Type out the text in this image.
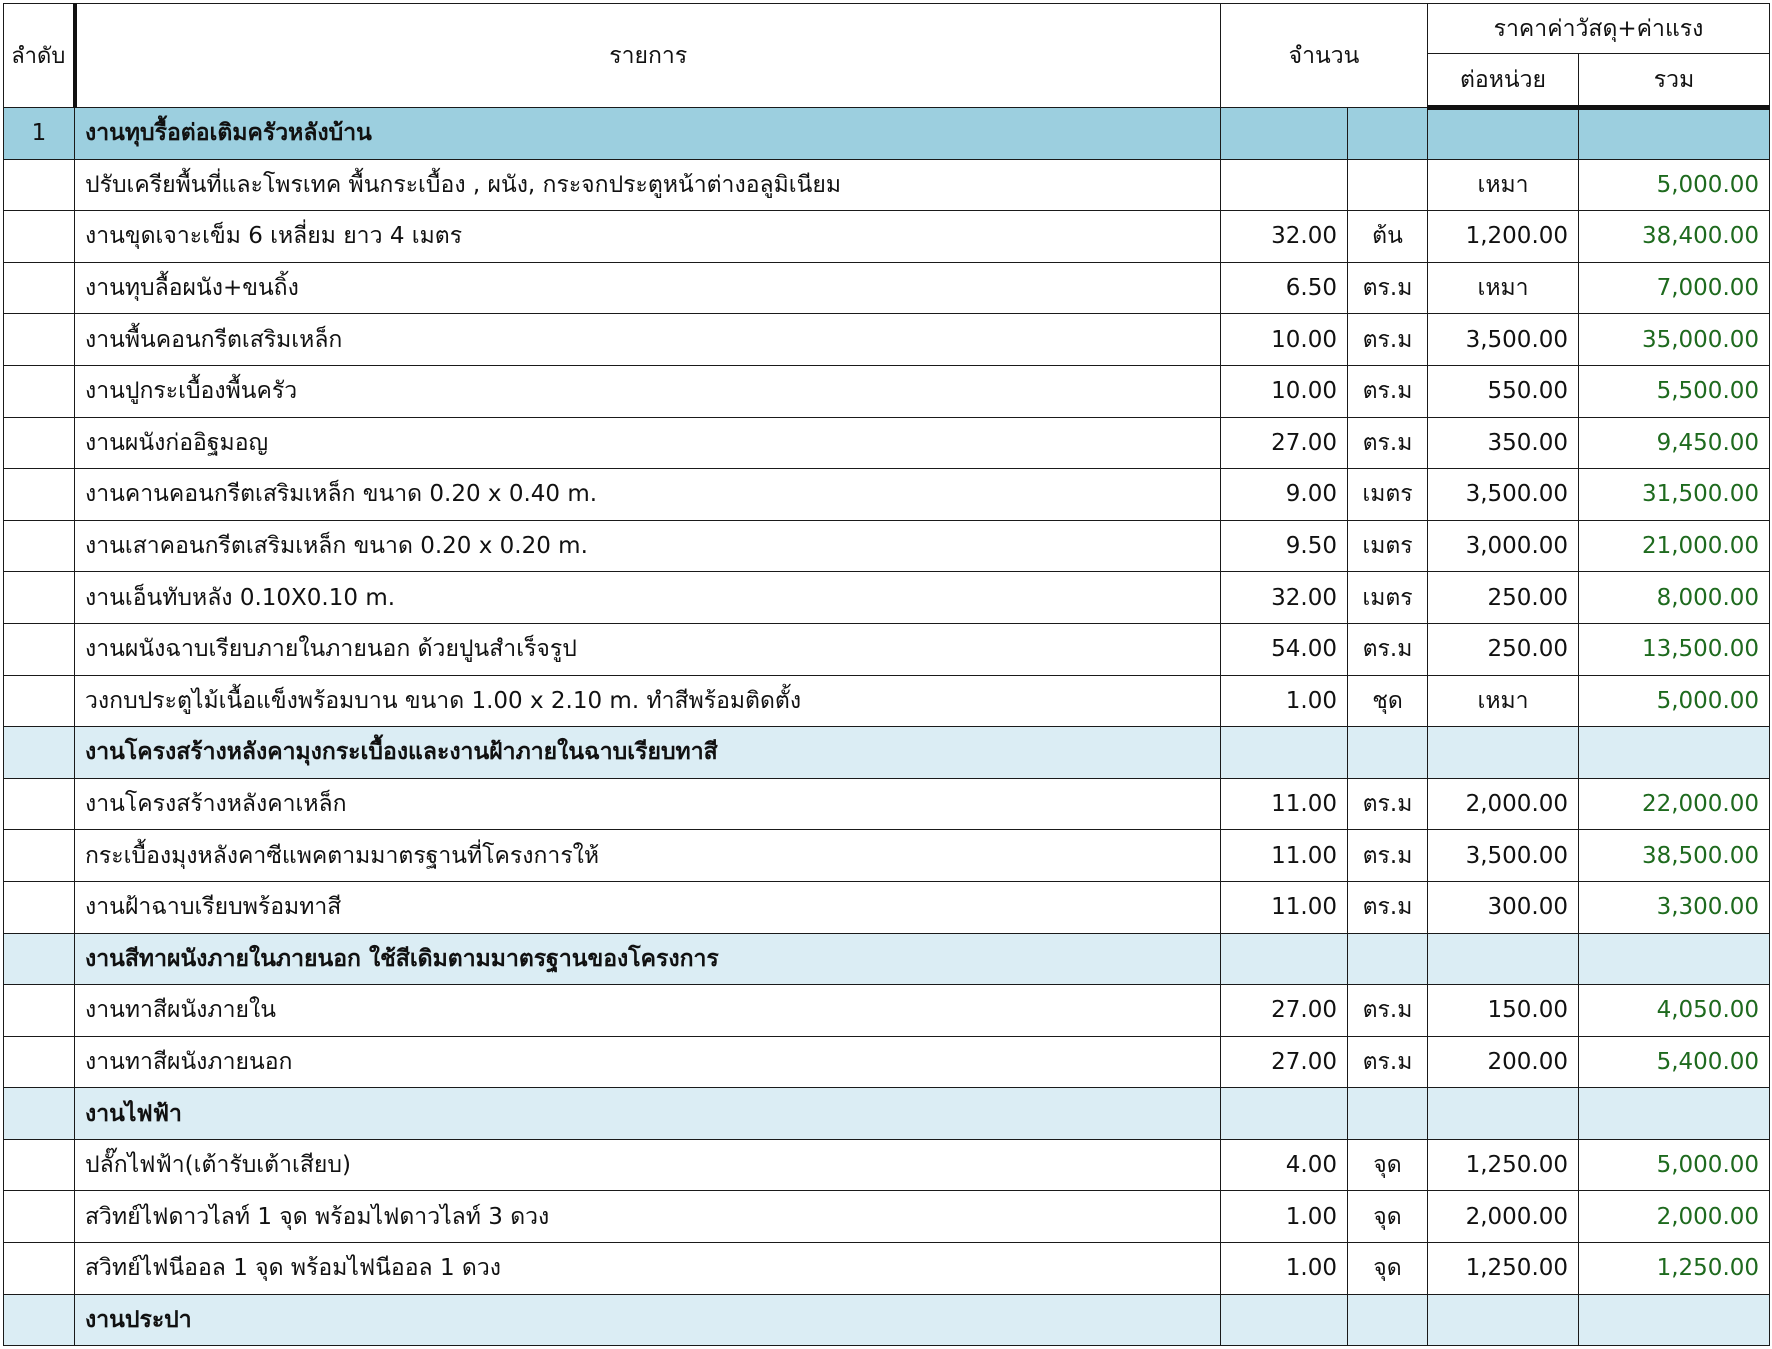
ลำดับ	รายการ	จำนวน		ราคาค่าวัสดุ+ค่าแรง	
				ต่อหน่วย	รวม
1	งานทุบรื้อต่อเติมครัวหลังบ้าน				
	ปรับเครียพื้นที่และโพรเทค พื้นกระเบื้อง , ผนัง, กระจกประตูหน้าต่างอลูมิเนียม			เหมา	5,000.00
	งานขุดเจาะเข็ม 6 เหลี่ยม ยาว 4 เมตร	32.00	ต้น	1,200.00	38,400.00
	งานทุบลื้อผนัง+ขนถิ้ง	6.50	ตร.ม	เหมา	7,000.00
	งานพื้นคอนกรีตเสริมเหล็ก	10.00	ตร.ม	3,500.00	35,000.00
	งานปูกระเบื้องพื้นครัว	10.00	ตร.ม	550.00	5,500.00
	งานผนังก่ออิฐมอญ	27.00	ตร.ม	350.00	9,450.00
	งานคานคอนกรีตเสริมเหล็ก ขนาด 0.20 x 0.40 m.	9.00	เมตร	3,500.00	31,500.00
	งานเสาคอนกรีตเสริมเหล็ก ขนาด 0.20 x 0.20 m.	9.50	เมตร	3,000.00	21,000.00
	งานเอ็นทับหลัง 0.10X0.10 m.	32.00	เมตร	250.00	8,000.00
	งานผนังฉาบเรียบภายในภายนอก ด้วยปูนสำเร็จรูป	54.00	ตร.ม	250.00	13,500.00
	วงกบประตูไม้เนื้อแข็งพร้อมบาน ขนาด 1.00 x 2.10 m. ทำสีพร้อมติดตั้ง	1.00	ชุด	เหมา	5,000.00
	งานโครงสร้างหลังคามุงกระเบื้องและงานฝ้าภายในฉาบเรียบทาสี				
	งานโครงสร้างหลังคาเหล็ก	11.00	ตร.ม	2,000.00	22,000.00
	กระเบื้องมุงหลังคาซีแพคตามมาตรฐานที่โครงการให้	11.00	ตร.ม	3,500.00	38,500.00
	งานฝ้าฉาบเรียบพร้อมทาสี	11.00	ตร.ม	300.00	3,300.00
	งานสีทาผนังภายในภายนอก ใช้สีเดิมตามมาตรฐานของโครงการ				
	งานทาสีผนังภายใน	27.00	ตร.ม	150.00	4,050.00
	งานทาสีผนังภายนอก	27.00	ตร.ม	200.00	5,400.00
	งานไฟฟ้า				
	ปลั๊กไฟฟ้า(เต้ารับเต้าเสียบ)	4.00	จุด	1,250.00	5,000.00
	สวิทย์ไฟดาวไลท์ 1 จุด พร้อมไฟดาวไลท์ 3 ดวง	1.00	จุด	2,000.00	2,000.00
	สวิทย์ไฟนีออล 1 จุด พร้อมไฟนีออล 1 ดวง	1.00	จุด	1,250.00	1,250.00
	งานประปา				
